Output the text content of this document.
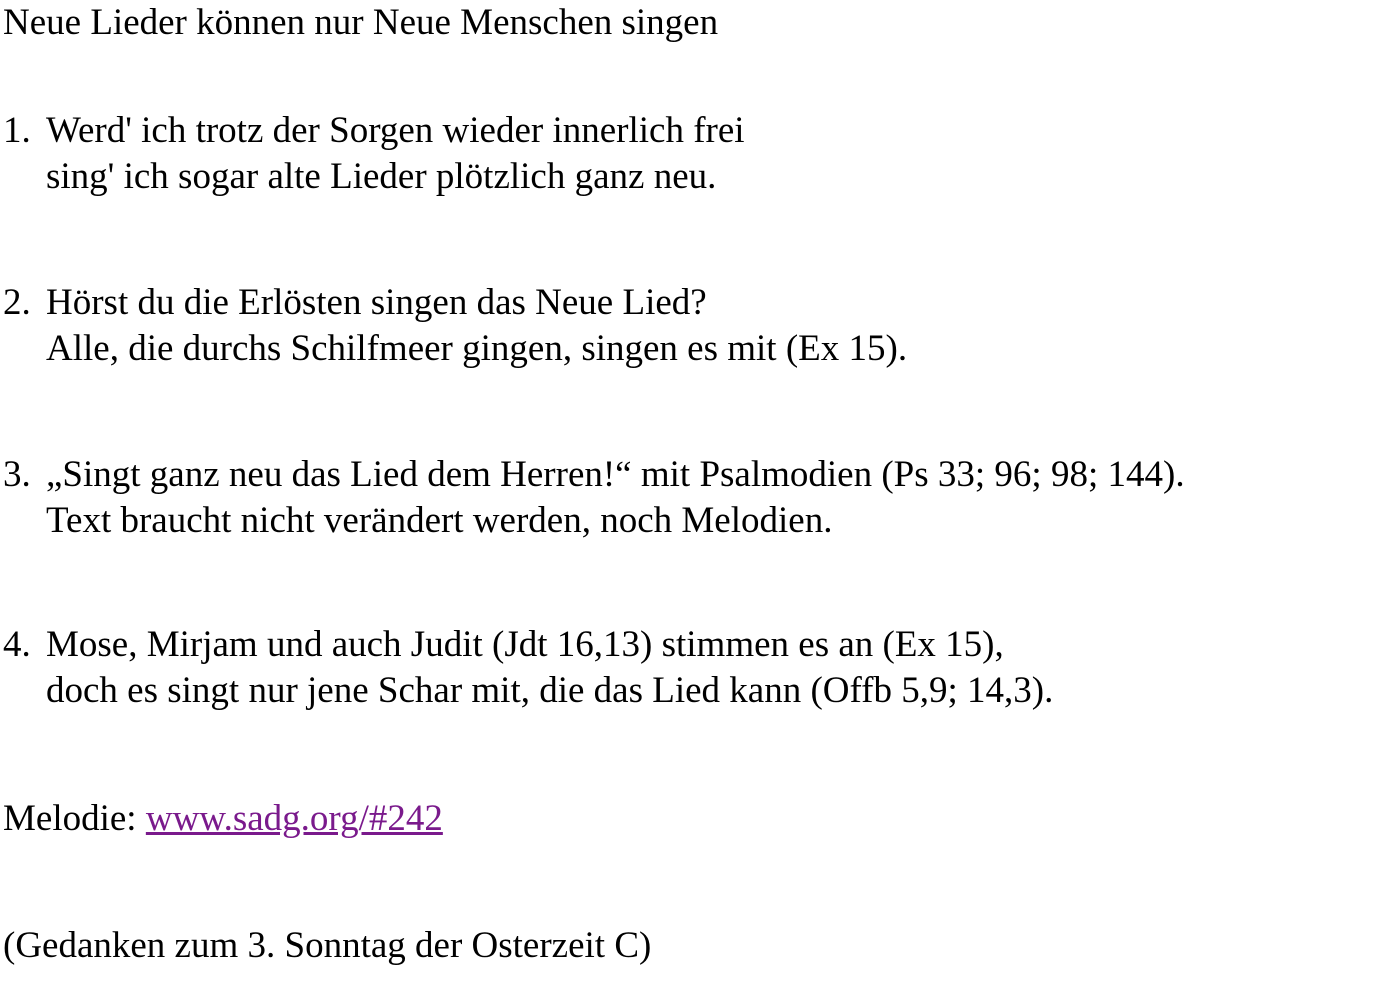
Neue Lieder können nur Neue Menschen singen
1. Werd' ich trotz der Sorgen wieder innerlich frei
sing' ich sogar alte Lieder plötzlich ganz neu.
2. Hörst du die Erlösten singen das Neue Lied?
Alle, die durchs Schilfmeer gingen, singen es mit (Ex 15).
3. „Singt ganz neu das Lied dem Herren!“ mit Psalmodien (Ps 33; 96; 98; 144).
Text braucht nicht verändert werden, noch Melodien.
4. Mose, Mirjam und auch Judit (Jdt 16,13) stimmen es an (Ex 15),
doch es singt nur jene Schar mit, die das Lied kann (Offb 5,9; 14,3).
Melodie: www.sadg.org/#242
(Gedanken zum 3. Sonntag der Osterzeit C)
